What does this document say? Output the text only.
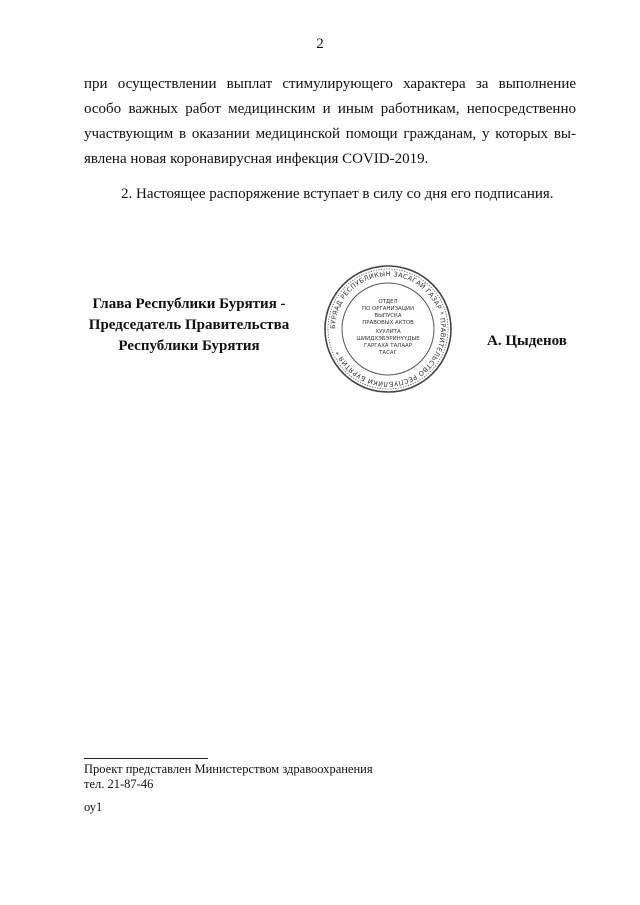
2
при осуществлении выплат стимулирующего характера за выполнение
особо важных работ медицинским и иным работникам, непосредственно
участвующим в оказании медицинской помощи гражданам, у которых вы-
явлена новая коронавирусная инфекция COVID-2019.

2. Настоящее распоряжение вступает в силу со дня его подписания.

Глава Республики Бурятия -
Председатель Правительства
Республики Бурятия
БУРЯАД РЕСПУБЛИКЫН ЗАСАГАЙ ГАЗАР * ПРАВИТЕЛЬСТВО РЕСПУБЛИКИ БУРЯТИЯ *
ОТДЕЛ
ПО ОРГАНИЗАЦИИ
ВЫПУСКА
ПРАВОВЫХ АКТОВ
ХУУЛИТА
ШИИДХЭБЭРИНҮҮДЫЕ
ГАРГАХА ТАЛААР
ТАСАГ
А. Цыденов
Проект представлен Министерством здравоохранения
тел. 21-87-46
оу1
